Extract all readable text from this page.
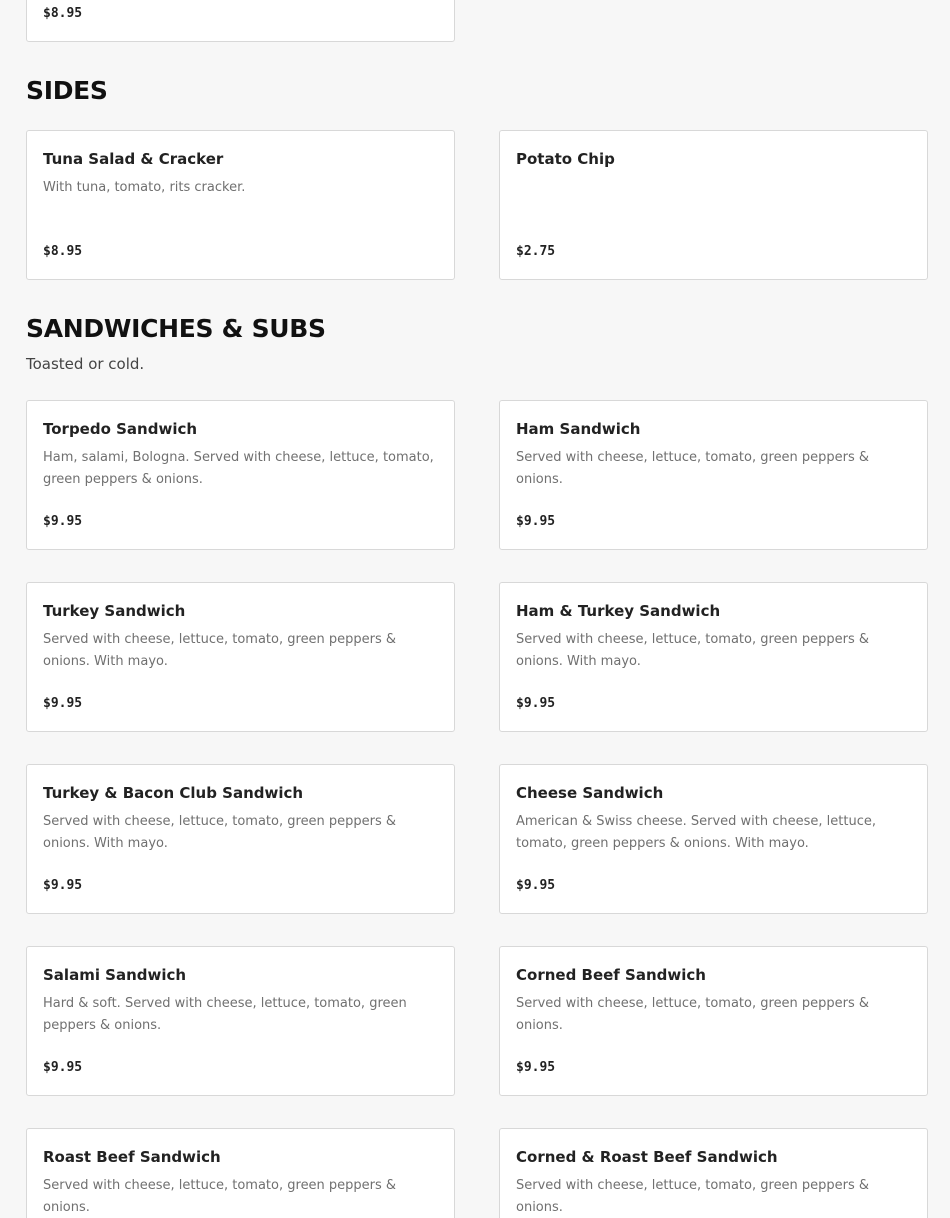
$8.95
SIDES
Tuna Salad & Cracker
With tuna, tomato, rits cracker.
$8.95
Potato Chip
$2.75
SANDWICHES & SUBS
Toasted or cold.
Torpedo Sandwich
Ham, salami, Bologna. Served with cheese, lettuce, tomato, green peppers & onions.
$9.95
Ham Sandwich
Served with cheese, lettuce, tomato, green peppers & onions.
$9.95
Turkey Sandwich
Served with cheese, lettuce, tomato, green peppers & onions. With mayo.
$9.95
Ham & Turkey Sandwich
Served with cheese, lettuce, tomato, green peppers & onions. With mayo.
$9.95
Turkey & Bacon Club Sandwich
Served with cheese, lettuce, tomato, green peppers & onions. With mayo.
$9.95
Cheese Sandwich
American & Swiss cheese. Served with cheese, lettuce, tomato, green peppers & onions. With mayo.
$9.95
Salami Sandwich
Hard & soft. Served with cheese, lettuce, tomato, green peppers & onions.
$9.95
Corned Beef Sandwich
Served with cheese, lettuce, tomato, green peppers & onions.
$9.95
Roast Beef Sandwich
Served with cheese, lettuce, tomato, green peppers & onions.
Corned & Roast Beef Sandwich
Served with cheese, lettuce, tomato, green peppers & onions.
